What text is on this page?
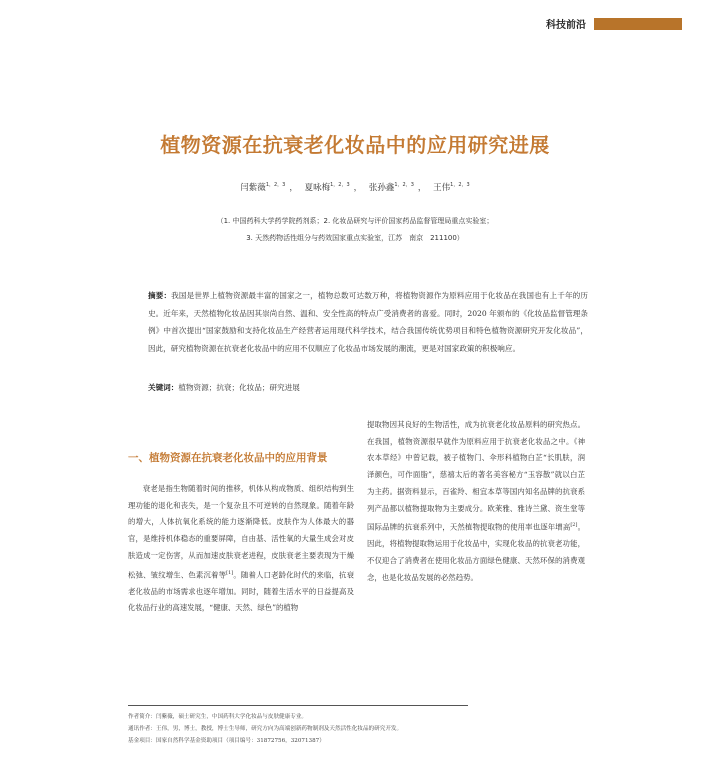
科技前沿
植物资源在抗衰老化妆品中的应用研究进展
闫紫薇$^{1,2,3}$ ， 夏咏梅$^{1,2,3}$ ， 张孙鑫$^{1,2,3}$ ， 王伟$^{1,2,3}$
（1. 中国药科大学药学院药剂系；2. 化妆品研究与评价国家药品监督管理局重点实验室；
3. 天然药物活性组分与药效国家重点实验室，江苏　南京　211100）
摘要：我国是世界上植物资源最丰富的国家之一，植物总数可达数万种，将植物资源作为原料应用于化妆品在我国也有上千年的历史。近年来，天然植物化妆品因其崇尚自然、温和、安全性高的特点广受消费者的喜爱。同时，2020 年颁布的《化妆品监督管理条例》中首次提出“国家鼓励和支持化妆品生产经营者运用现代科学技术，结合我国传统优势项目和特色植物资源研究开发化妆品”，因此，研究植物资源在抗衰老化妆品中的应用不仅顺应了化妆品市场发展的潮流，更是对国家政策的积极响应。
关键词：植物资源；抗衰；化妆品；研究进展
一、植物资源在抗衰老化妆品中的应用背景

衰老是指生物随着时间的推移，机体从构成物质、组织结构到生理功能的退化和丧失，是一个复杂且不可逆转的自然现象。随着年龄的增大，人体抗氧化系统的能力逐渐降低。皮肤作为人体最大的器官，是维持机体稳态的重要屏障，自由基、活性氧的大量生成会对皮肤造成一定伤害，从而加速皮肤衰老进程，皮肤衰老主要表现为干燥松弛、皱纹增生、色素沉着等[1]。随着人口老龄化时代的来临，抗衰老化妆品的市场需求也逐年增加。同时，随着生活水平的日益提高及化妆品行业的高速发展，“健康、天然、绿色”的植物

提取物因其良好的生物活性，成为抗衰老化妆品原料的研究热点。在我国，植物资源很早就作为原料应用于抗衰老化妆品之中。《神农本草经》中曾记载，被子植物门、伞形科植物白芷“长肌肤，润泽颜色，可作面脂”，慈禧太后的著名美容秘方“玉容散”就以白芷为主药。据资料显示，百雀羚、相宜本草等国内知名品牌的抗衰系列产品都以植物提取物为主要成分。欧莱雅、雅诗兰黛、资生堂等国际品牌的抗衰系列中，天然植物提取物的使用率也逐年增高[2]。因此，将植物提取物运用于化妆品中，实现化妆品的抗衰老功能，不仅迎合了消费者在使用化妆品方面绿色健康、天然环保的消费观念，也是化妆品发展的必然趋势。

作者简介：闫紫薇，硕士研究生，中国药科大学化妆品与皮肤健康专业。
通讯作者：王伟，男，博士，教授，博士生导师，研究方向为高端创新药物制剂及天然活性化妆品的研究开发。
基金项目：国家自然科学基金资助项目（项目编号：31872756，32071387）
